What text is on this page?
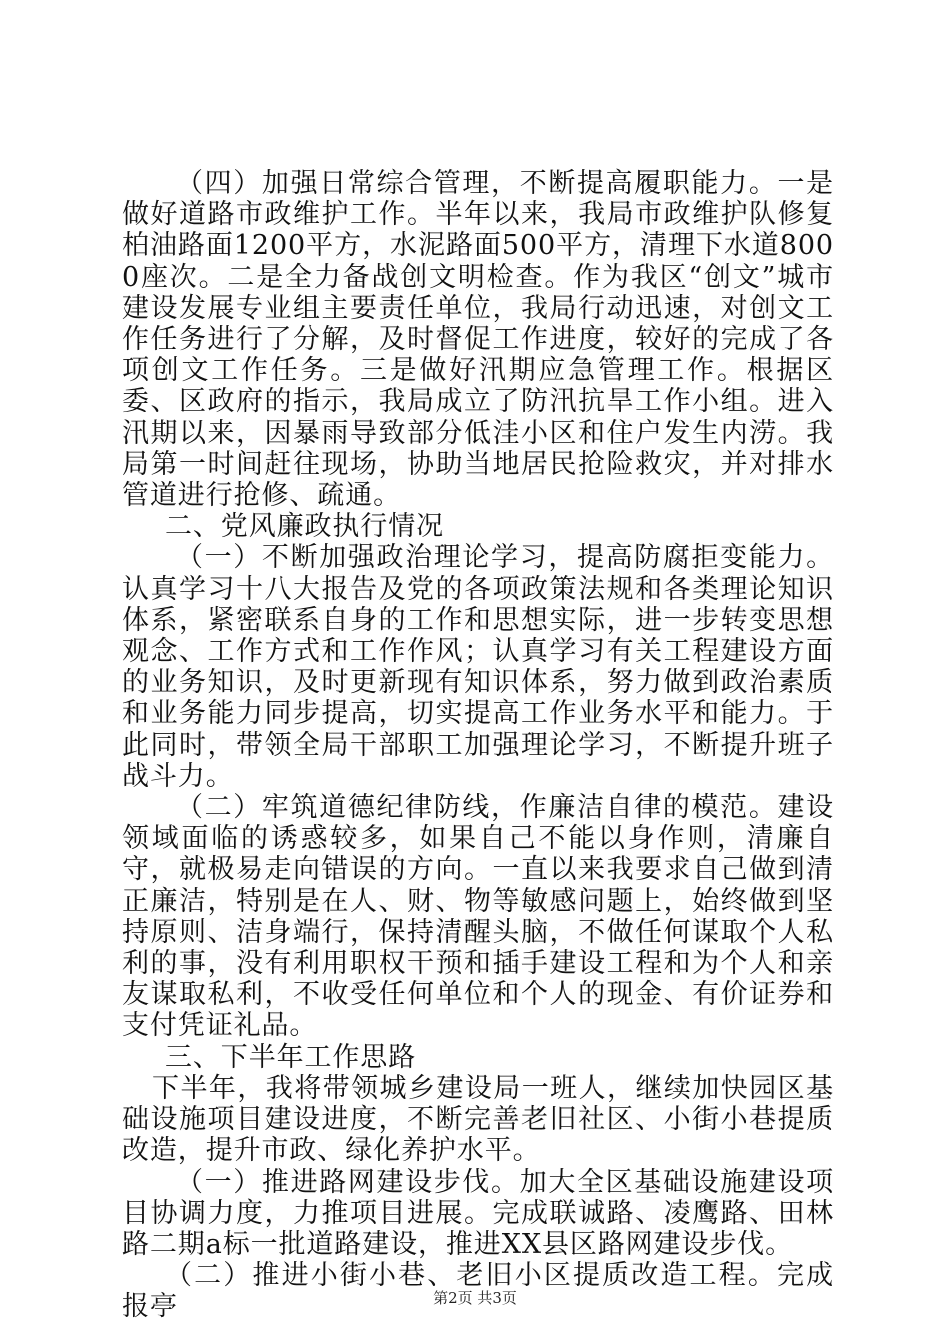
（四）加强日常综合管理，不断提高履职能力。一是做好道路市政维护工作。半年以来，我局市政维护队修复柏油路面1200平方，水泥路面500平方，清理下水道8000座次。二是全力备战创文明检查。作为我区“创文”城市建设发展专业组主要责任单位，我局行动迅速，对创文工作任务进行了分解，及时督促工作进度，较好的完成了各项创文工作任务。三是做好汛期应急管理工作。根据区委、区政府的指示，我局成立了防汛抗旱工作小组。进入汛期以来，因暴雨导致部分低洼小区和住户发生内涝。我局第一时间赶往现场，协助当地居民抢险救灾，并对排水管道进行抢修、疏通。

二、党风廉政执行情况

（一）不断加强政治理论学习，提高防腐拒变能力。认真学习十八大报告及党的各项政策法规和各类理论知识体系，紧密联系自身的工作和思想实际，进一步转变思想观念、工作方式和工作作风；认真学习有关工程建设方面的业务知识，及时更新现有知识体系，努力做到政治素质和业务能力同步提高，切实提高工作业务水平和能力。于此同时，带领全局干部职工加强理论学习，不断提升班子战斗力。

（二）牢筑道德纪律防线，作廉洁自律的模范。建设领域面临的诱惑较多，如果自己不能以身作则，清廉自守，就极易走向错误的方向。一直以来我要求自己做到清正廉洁，特别是在人、财、物等敏感问题上，始终做到坚持原则、洁身端行，保持清醒头脑，不做任何谋取个人私利的事，没有利用职权干预和插手建设工程和为个人和亲友谋取私利，不收受任何单位和个人的现金、有价证券和支付凭证礼品。

三、下半年工作思路

下半年，我将带领城乡建设局一班人，继续加快园区基础设施项目建设进度，不断完善老旧社区、小街小巷提质改造，提升市政、绿化养护水平。

（一）推进路网建设步伐。加大全区基础设施建设项目协调力度，力推项目进展。完成联诚路、凌鹰路、田林路二期a标一批道路建设，推进XX县区路网建设步伐。

（二）推进小街小巷、老旧小区提质改造工程。完成报亭	第2页 共3页
